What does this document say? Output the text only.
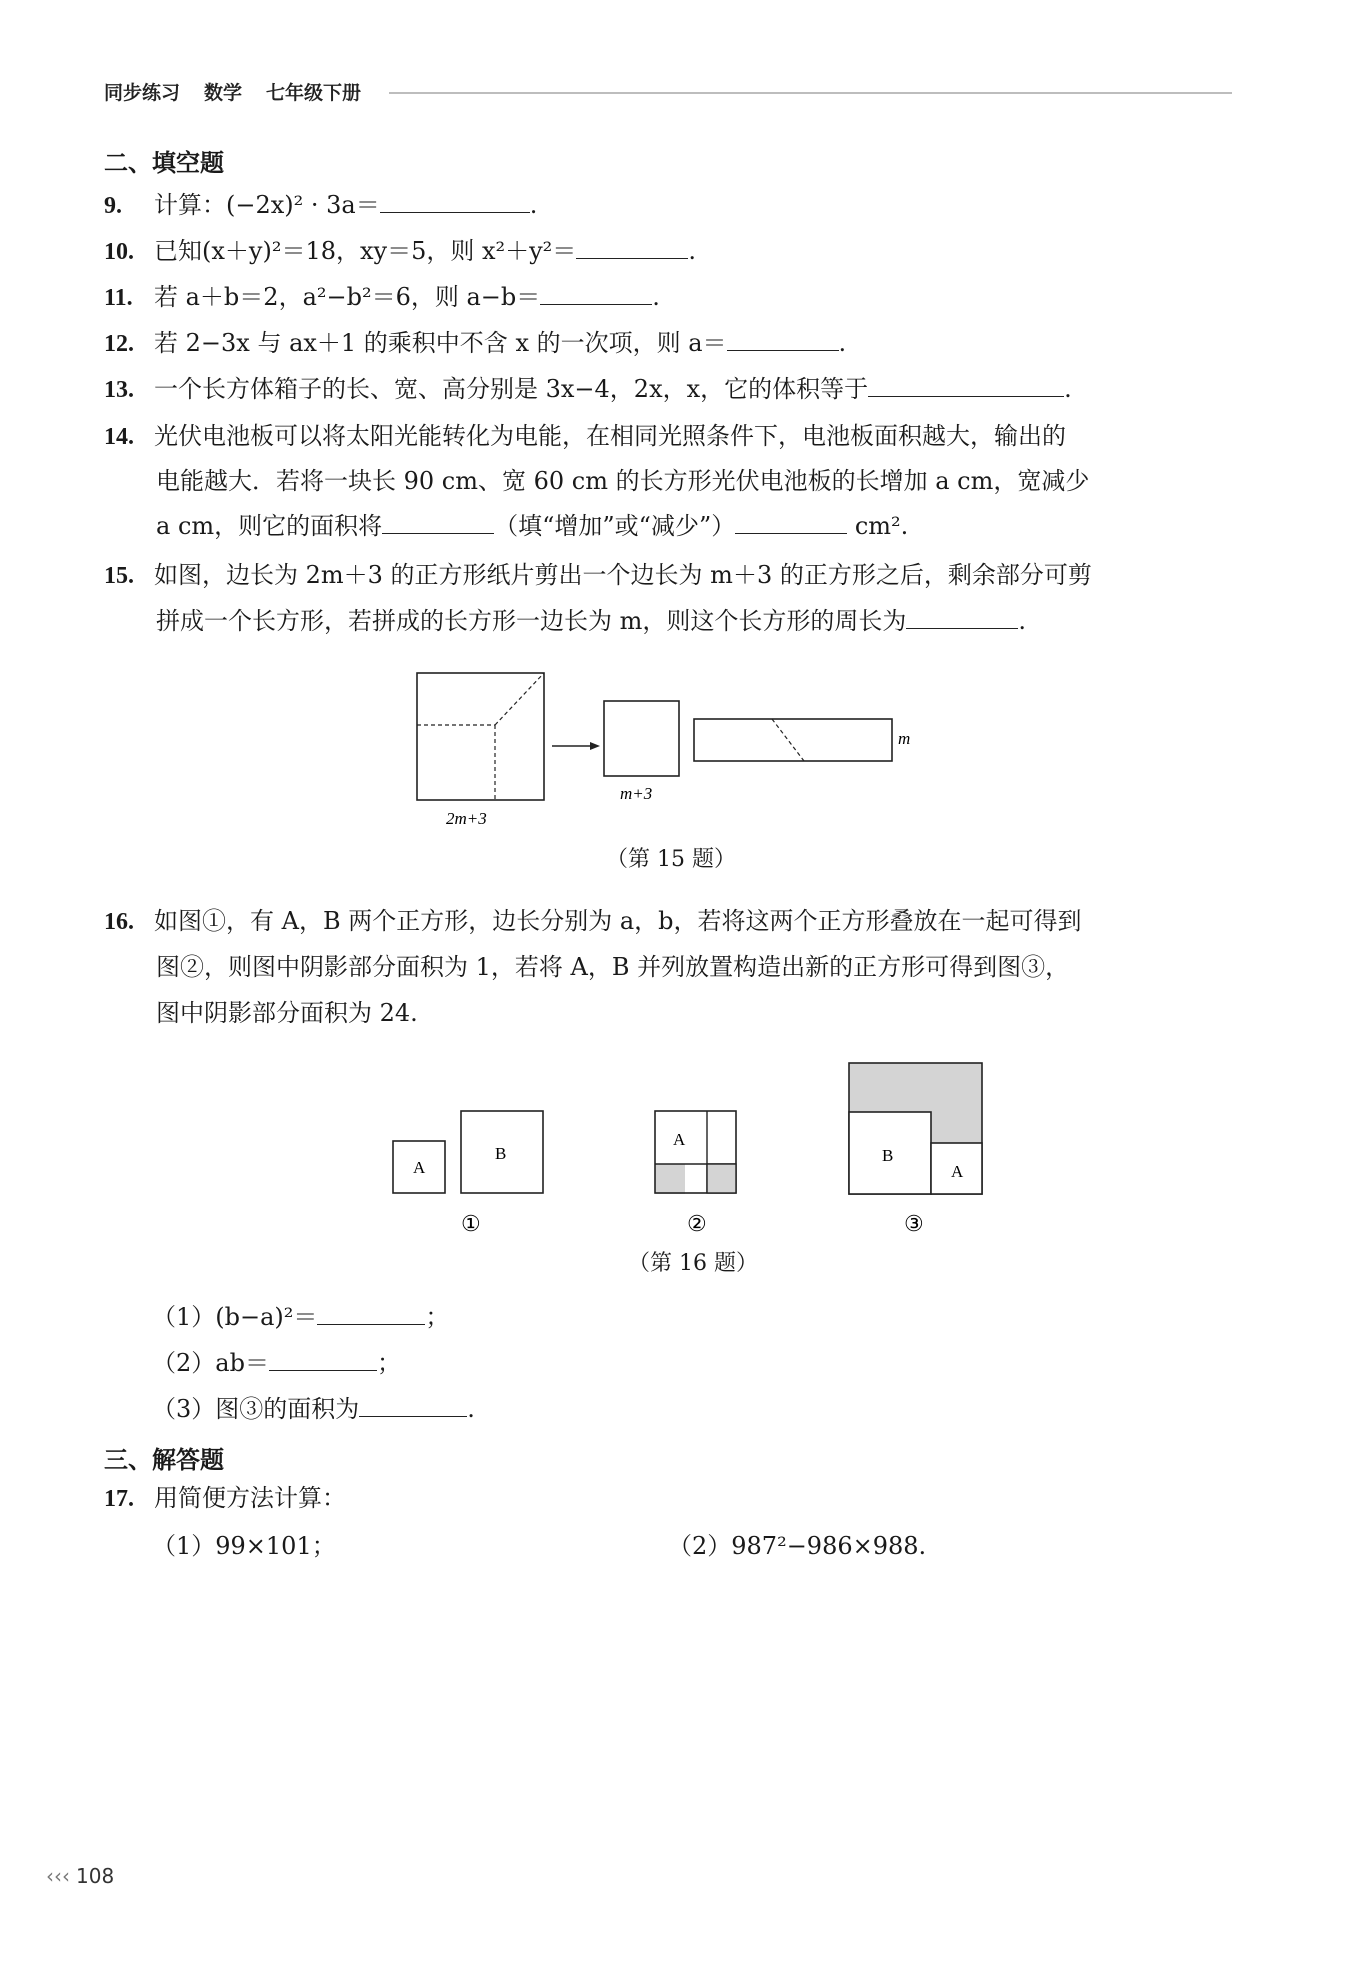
同步练习 数学 七年级下册
二、填空题
9. 计算：(−2x)² · 3a＝	.
10. 已知(x＋y)²＝18，xy＝5，则 x²＋y²＝	.
11. 若 a＋b＝2，a²−b²＝6，则 a−b＝	.
12. 若 2−3x 与 ax＋1 的乘积中不含 x 的一次项，则 a＝	.
13. 一个长方体箱子的长、宽、高分别是 3x−4，2x，x，它的体积等于	.
14. 光伏电池板可以将太阳光能转化为电能，在相同光照条件下，电池板面积越大，输出的
电能越大．若将一块长 90 cm、宽 60 cm 的长方形光伏电池板的长增加 a cm，宽减少
a cm，则它的面积将	（填“增加”或“减少”）	cm².
15. 如图，边长为 2m＋3 的正方形纸片剪出一个边长为 m＋3 的正方形之后，剩余部分可剪
拼成一个长方形，若拼成的长方形一边长为 m，则这个长方形的周长为	.
2m+3
m+3
m
（第 15 题）
16. 如图①，有 A，B 两个正方形，边长分别为 a，b，若将这两个正方形叠放在一起可得到
图②，则图中阴影部分面积为 1，若将 A，B 并列放置构造出新的正方形可得到图③，
图中阴影部分面积为 24.
A
B
①
A
②
B
A
③
（第 16 题）
（1）(b−a)²＝	；
（2）ab＝	；
（3）图③的面积为	.
三、解答题
17. 用简便方法计算：
（1）99×101；	（2）987²−986×988.
‹‹‹ 108
